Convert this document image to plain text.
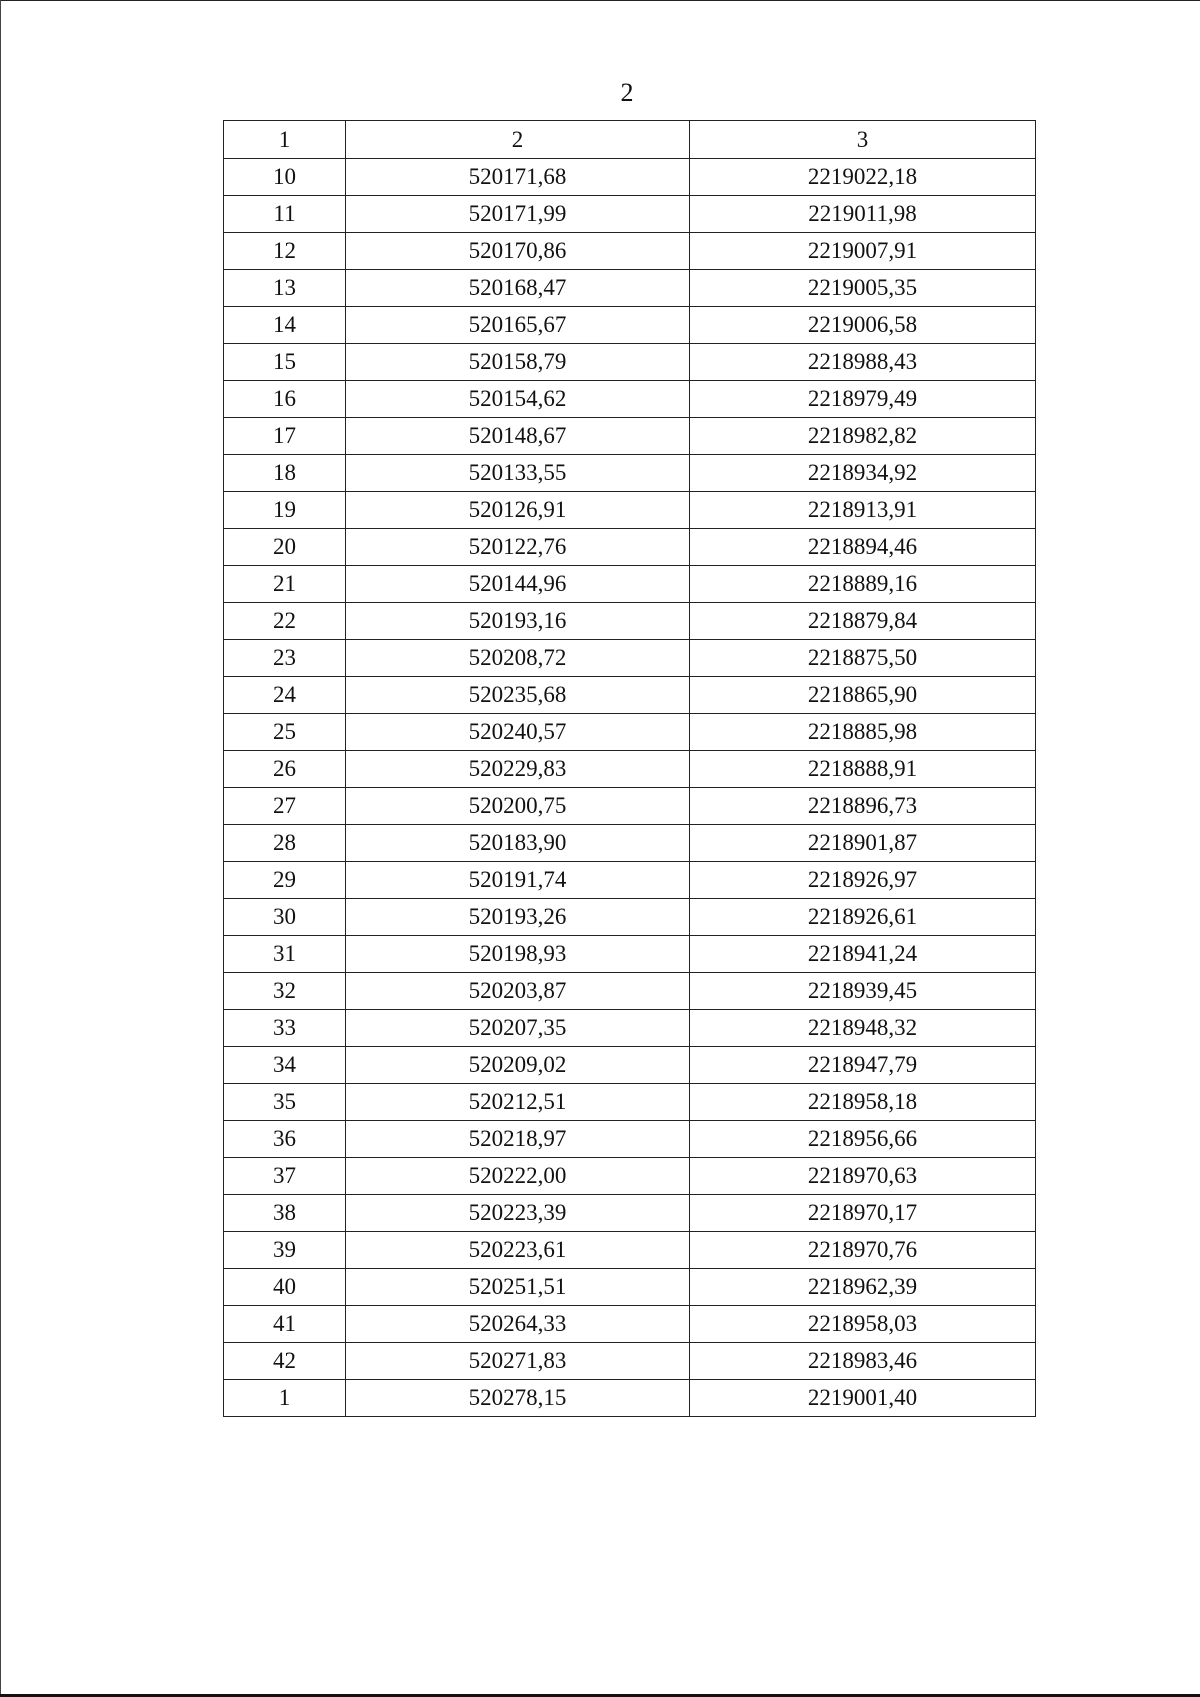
2
1	2	3
10	520171,68	2219022,18
11	520171,99	2219011,98
12	520170,86	2219007,91
13	520168,47	2219005,35
14	520165,67	2219006,58
15	520158,79	2218988,43
16	520154,62	2218979,49
17	520148,67	2218982,82
18	520133,55	2218934,92
19	520126,91	2218913,91
20	520122,76	2218894,46
21	520144,96	2218889,16
22	520193,16	2218879,84
23	520208,72	2218875,50
24	520235,68	2218865,90
25	520240,57	2218885,98
26	520229,83	2218888,91
27	520200,75	2218896,73
28	520183,90	2218901,87
29	520191,74	2218926,97
30	520193,26	2218926,61
31	520198,93	2218941,24
32	520203,87	2218939,45
33	520207,35	2218948,32
34	520209,02	2218947,79
35	520212,51	2218958,18
36	520218,97	2218956,66
37	520222,00	2218970,63
38	520223,39	2218970,17
39	520223,61	2218970,76
40	520251,51	2218962,39
41	520264,33	2218958,03
42	520271,83	2218983,46
1	520278,15	2219001,40
